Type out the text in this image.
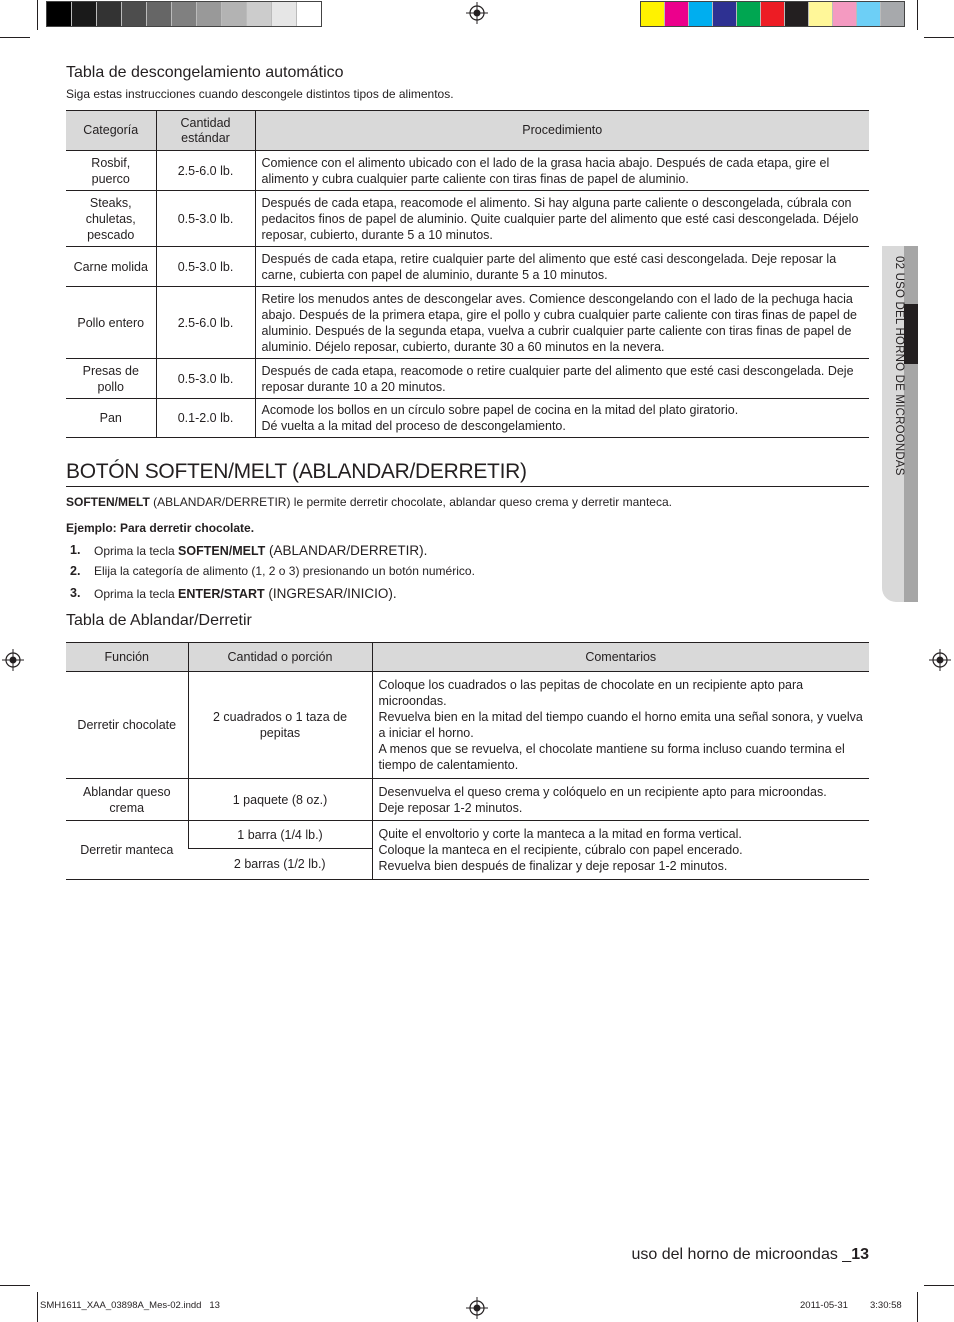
02 USO DEL HORNO DE MICROONDAS
Tabla de descongelamiento automático
Siga estas instrucciones cuando descongele distintos tipos de alimentos.
Categoría	Cantidad estándar	Procedimiento
Rosbif, puerco	2.5-6.0 lb.	Comience con el alimento ubicado con el lado de la grasa hacia abajo. Después de cada etapa, gire el alimento y cubra cualquier parte caliente con tiras finas de papel de aluminio.
Steaks, chuletas, pescado	0.5-3.0 lb.	Después de cada etapa, reacomode el alimento. Si hay alguna parte caliente o descongelada, cúbrala con pedacitos finos de papel de aluminio. Quite cualquier parte del alimento que esté casi descongelada. Déjelo reposar, cubierto, durante 5 a 10 minutos.
Carne molida	0.5-3.0 lb.	Después de cada etapa, retire cualquier parte del alimento que esté casi descongelada. Deje reposar la carne, cubierta con papel de aluminio, durante 5 a 10 minutos.
Pollo entero	2.5-6.0 lb.	Retire los menudos antes de descongelar aves. Comience descongelando con el lado de la pechuga hacia abajo. Después de la primera etapa, gire el pollo y cubra cualquier parte caliente con tiras finas de papel de aluminio. Después de la segunda etapa, vuelva a cubrir cualquier parte caliente con tiras finas de papel de aluminio. Déjelo reposar, cubierto, durante 30 a 60 minutos en la nevera.
Presas de pollo	0.5-3.0 lb.	Después de cada etapa, reacomode o retire cualquier parte del alimento que esté casi descongelada. Deje reposar durante 10 a 20 minutos.
Pan	0.1-2.0 lb.	Acomode los bollos en un círculo sobre papel de cocina en la mitad del plato giratorio.
Dé vuelta a la mitad del proceso de descongelamiento.
BOTÓN SOFTEN/MELT (ABLANDAR/DERRETIR)
SOFTEN/MELT (ABLANDAR/DERRETIR) le permite derretir chocolate, ablandar queso crema y derretir manteca.
Ejemplo: Para derretir chocolate.
1. Oprima la tecla SOFTEN/MELT (ABLANDAR/DERRETIR).
2. Elija la categoría de alimento (1, 2 o 3) presionando un botón numérico.
3. Oprima la tecla ENTER/START (INGRESAR/INICIO).
Tabla de Ablandar/Derretir
Función	Cantidad o porción	Comentarios
Derretir chocolate	2 cuadrados o 1 taza de pepitas	Coloque los cuadrados o las pepitas de chocolate en un recipiente apto para microondas.
Revuelva bien en la mitad del tiempo cuando el horno emita una señal sonora, y vuelva a iniciar el horno.
A menos que se revuelva, el chocolate mantiene su forma incluso cuando termina el tiempo de calentamiento.
Ablandar queso crema	1 paquete (8 oz.)	Desenvuelva el queso crema y colóquelo en un recipiente apto para microondas.
Deje reposar 1-2 minutos.
Derretir manteca	1 barra (1/4 lb.)	Quite el envoltorio y corte la manteca a la mitad en forma vertical.
Coloque la manteca en el recipiente, cúbralo con papel encerado.
Revuelva bien después de finalizar y deje reposar 1-2 minutos.
	2 barras (1/2 lb.)	
uso del horno de microondas _13
SMH1611_XAA_03898A_Mes-02.indd   13	2011-05-31 3:30:58
